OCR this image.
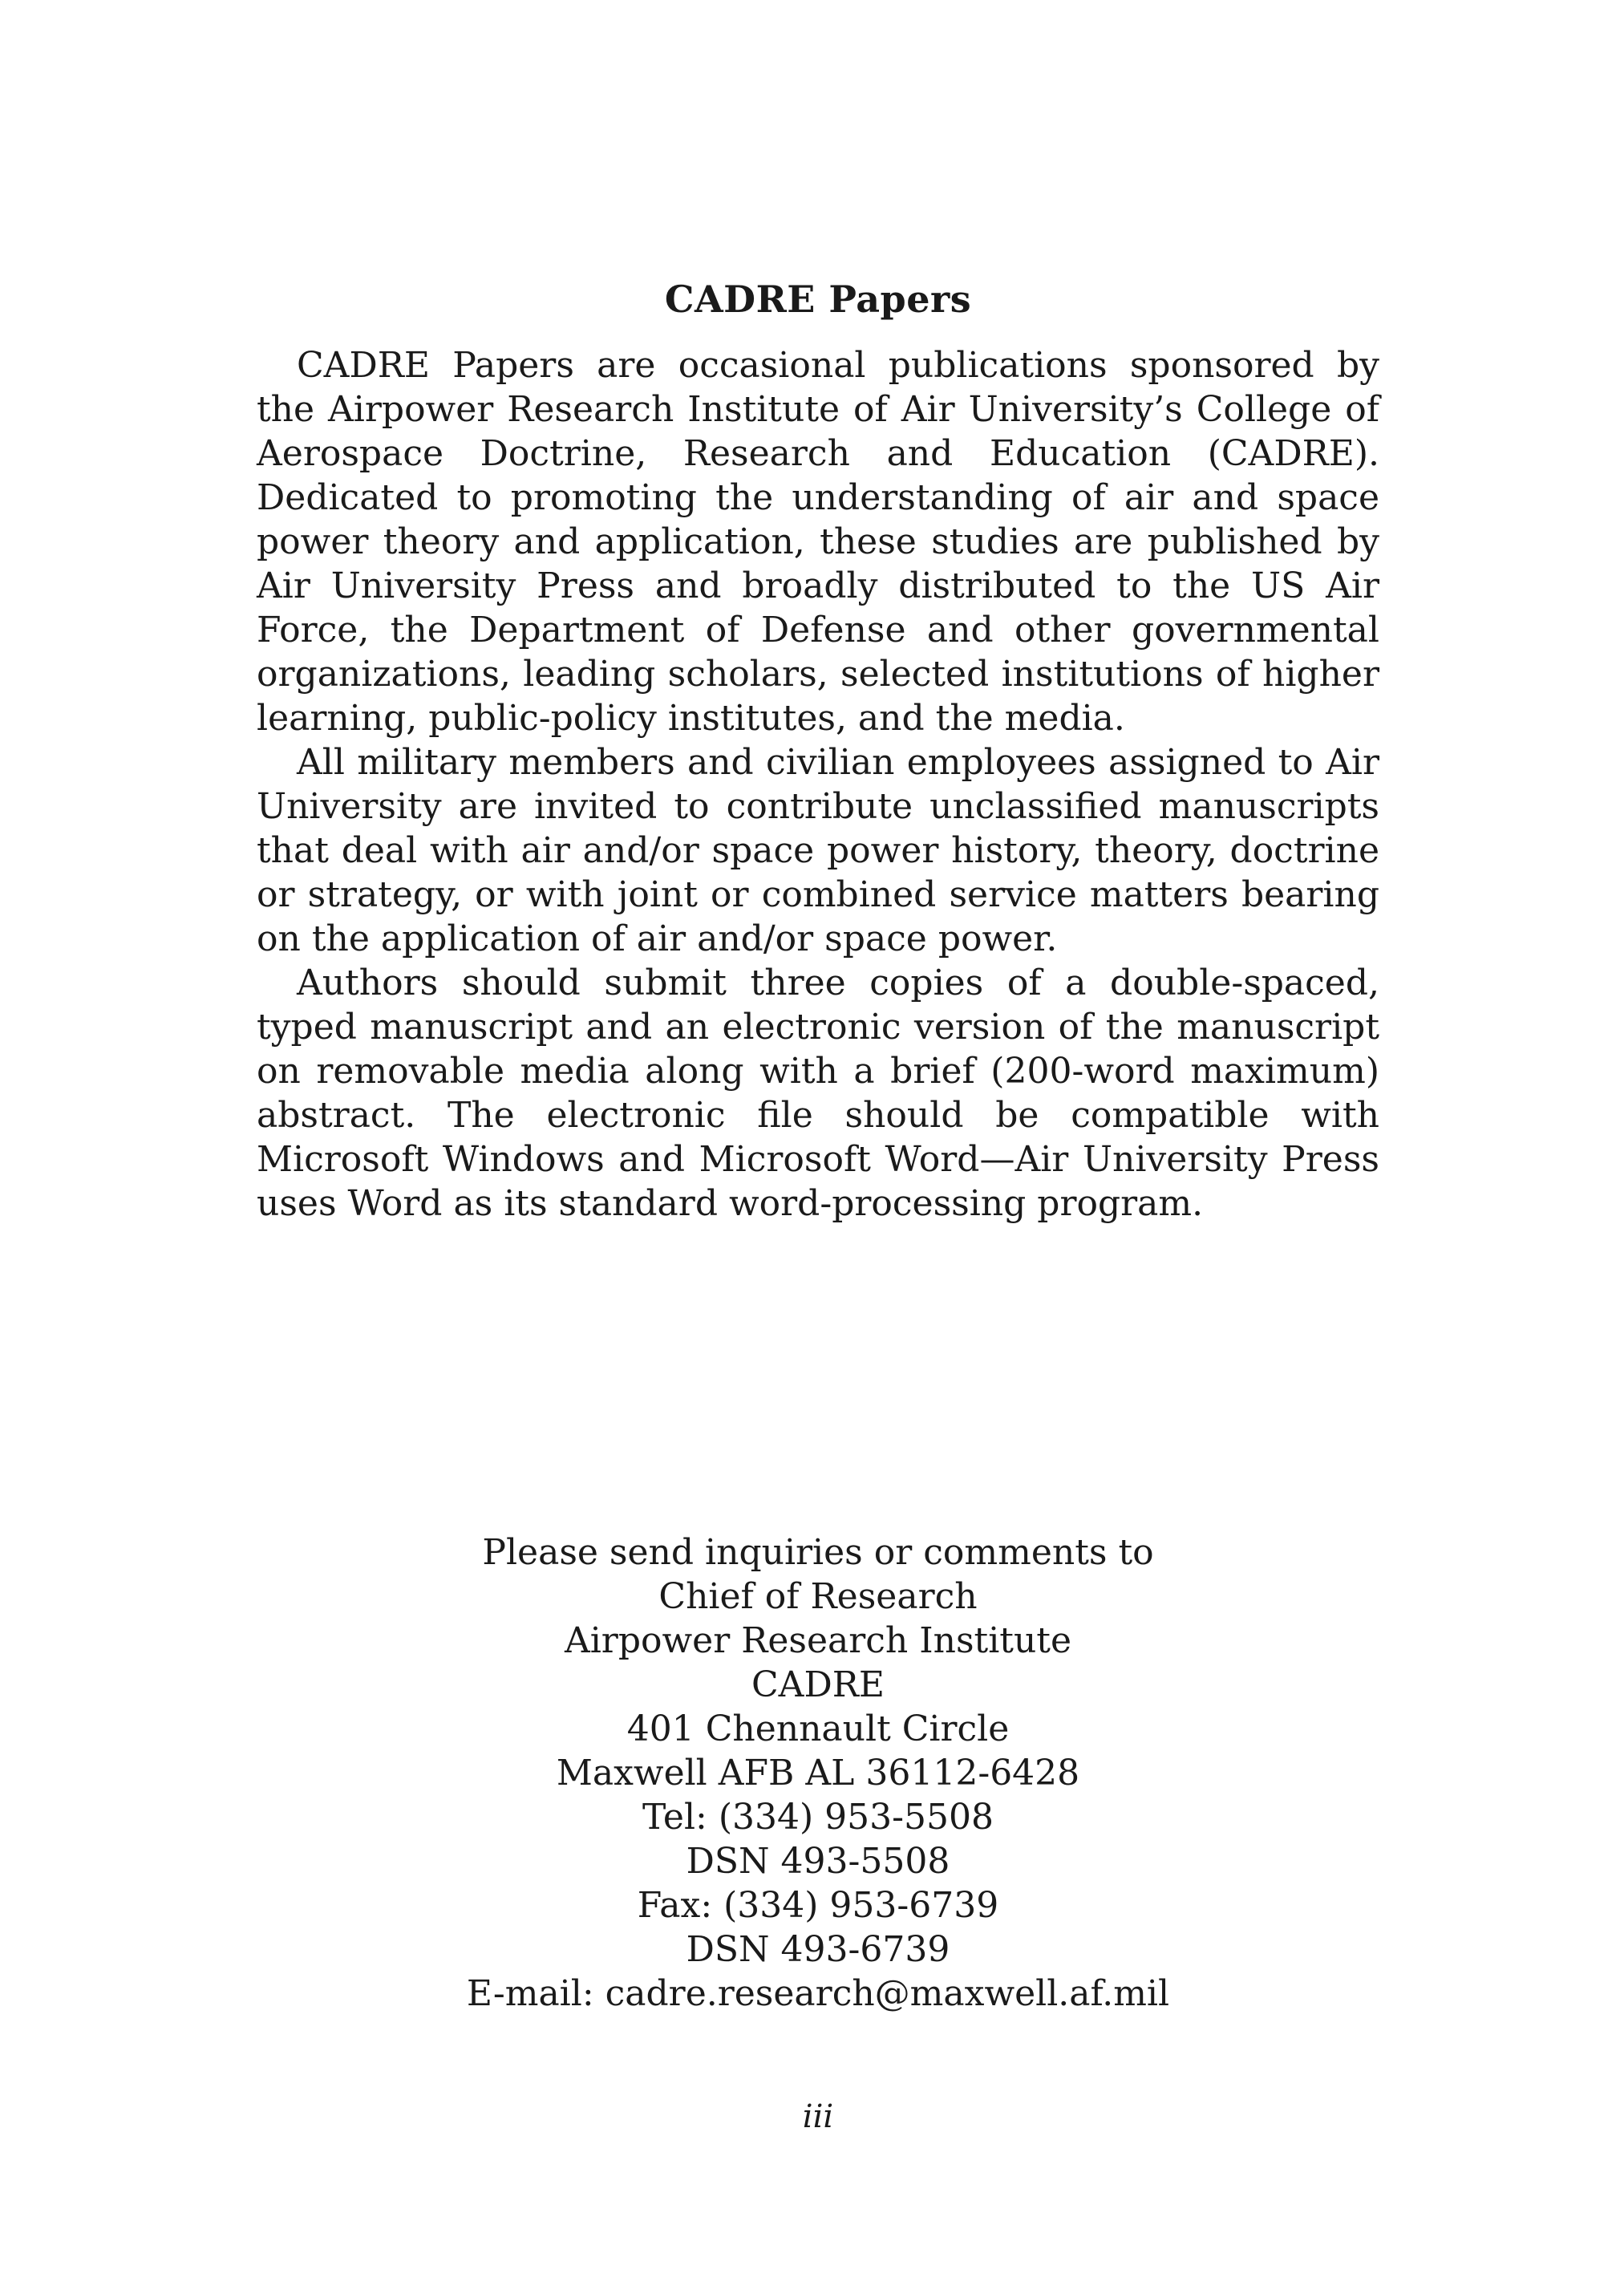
CADRE Papers

CADRE Papers are occasional publications sponsored by the Airpower Research Institute of Air University’s College of Aerospace Doctrine, Research and Education (CADRE). Dedicated to promoting the understanding of air and space power theory and application, these studies are published by Air University Press and broadly distributed to the US Air Force, the Department of Defense and other governmental organizations, leading scholars, selected institutions of higher learning, public-policy institutes, and the media.

All military members and civilian employees assigned to Air University are invited to contribute unclassified manuscripts that deal with air and/or space power history, theory, doctrine or strategy, or with joint or combined service matters bearing on the application of air and/or space power.

Authors should submit three copies of a double-spaced, typed manuscript and an electronic version of the manuscript on removable media along with a brief (200-word maximum) abstract. The electronic file should be compatible with Microsoft Windows and Microsoft Word—Air University Press uses Word as its standard word-processing program.

Please send inquiries or comments to
Chief of Research
Airpower Research Institute
CADRE
401 Chennault Circle
Maxwell AFB AL 36112-6428
Tel: (334) 953-5508
DSN 493-5508
Fax: (334) 953-6739
DSN 493-6739
E-mail: cadre.research@maxwell.af.mil
iii
